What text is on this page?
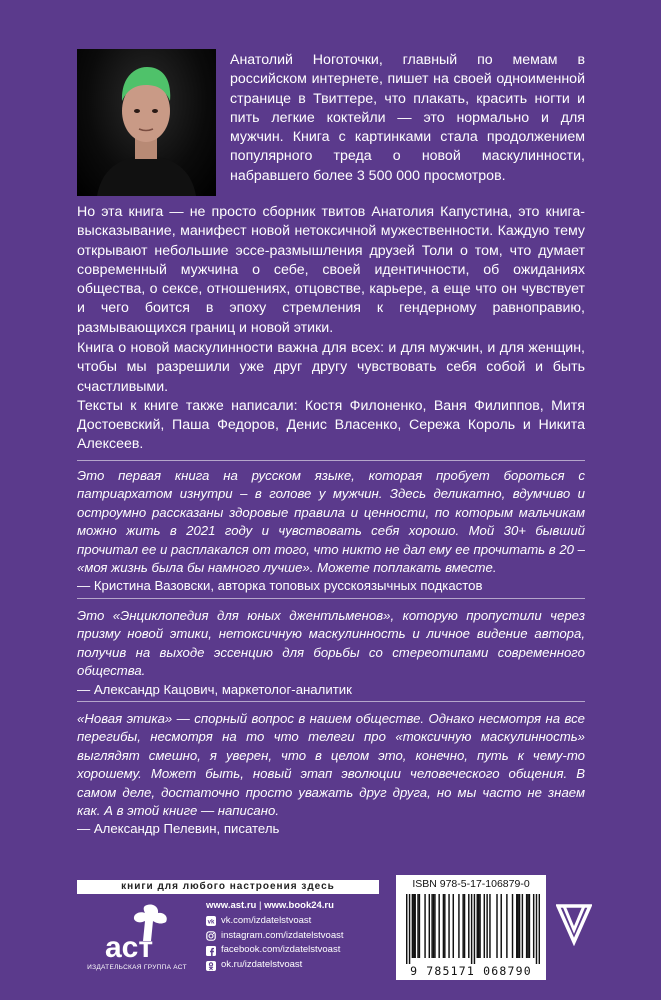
Анатолий Ноготочки, главный по мемам в российском интернете, пишет на своей одноименной странице в Твиттере, что плакать, красить ногти и пить легкие коктейли — это нормально и для мужчин. Книга с картинками стала продолжением популярного треда о новой маскулинности, набравшего более 3 500 000 просмотров.

Но эта книга — не просто сборник твитов Анатолия Капустина, это книга-высказывание, манифест новой нетоксичной мужественности. Каждую тему открывают небольшие эссе-размышления друзей Толи о том, что думает современный мужчина о себе, своей идентичности, об ожиданиях общества, о сексе, отношениях, отцовстве, карьере, а еще что он чувствует и чего боится в эпоху стремления к гендерному равноправию, размывающихся границ и новой этики.

Книга о новой маскулинности важна для всех: и для мужчин, и для женщин, чтобы мы разрешили уже друг другу чувствовать себя собой и быть счастливыми.

Тексты к книге также написали: Костя Филоненко, Ваня Филиппов, Митя Достоевский, Паша Федоров, Денис Власенко, Сережа Король и Никита Алексеев.

Это первая книга на русском языке, которая пробует бороться с патриархатом изнутри – в голове у мужчин. Здесь деликатно, вдумчиво и остроумно рассказаны здоровые правила и ценности, по которым мальчикам можно жить в 2021 году и чувствовать себя хорошо. Мой 30+ бывший прочитал ее и расплакался от того, что никто не дал ему ее прочитать в 20 – «моя жизнь была бы намного лучше». Можете поплакать вместе.

— Кристина Вазовски, авторка топовых русскоязычных подкастов

Это «Энциклопедия для юных джентльменов», которую пропустили через призму новой этики, нетоксичную маскулинность и личное видение автора, получив на выходе эссенцию для борьбы со стереотипами современного общества.

— Александр Кацович, маркетолог-аналитик

«Новая этика» — спорный вопрос в нашем обществе. Однако несмотря на все перегибы, несмотря на то что телеги про «токсичную маскулинность» выглядят смешно, я уверен, что в целом это, конечно, путь к чему-то хорошему. Может быть, новый этап эволюции человеческого общения. В самом деле, достаточно просто уважать друг друга, но мы часто не знаем как. А в этой книге — написано.

— Александр Пелевин, писатель

книги для любого настроения здесь
аст
ИЗДАТЕЛЬСКАЯ ГРУППА АСТ
www.ast.ru | www.book24.ru
vk vk.com/izdatelstvoast
instagram.com/izdatelstvoast
facebook.com/izdatelstvoast
ok.ru/izdatelstvoast
ISBN 978-5-17-106879-0
9 785171 068790
